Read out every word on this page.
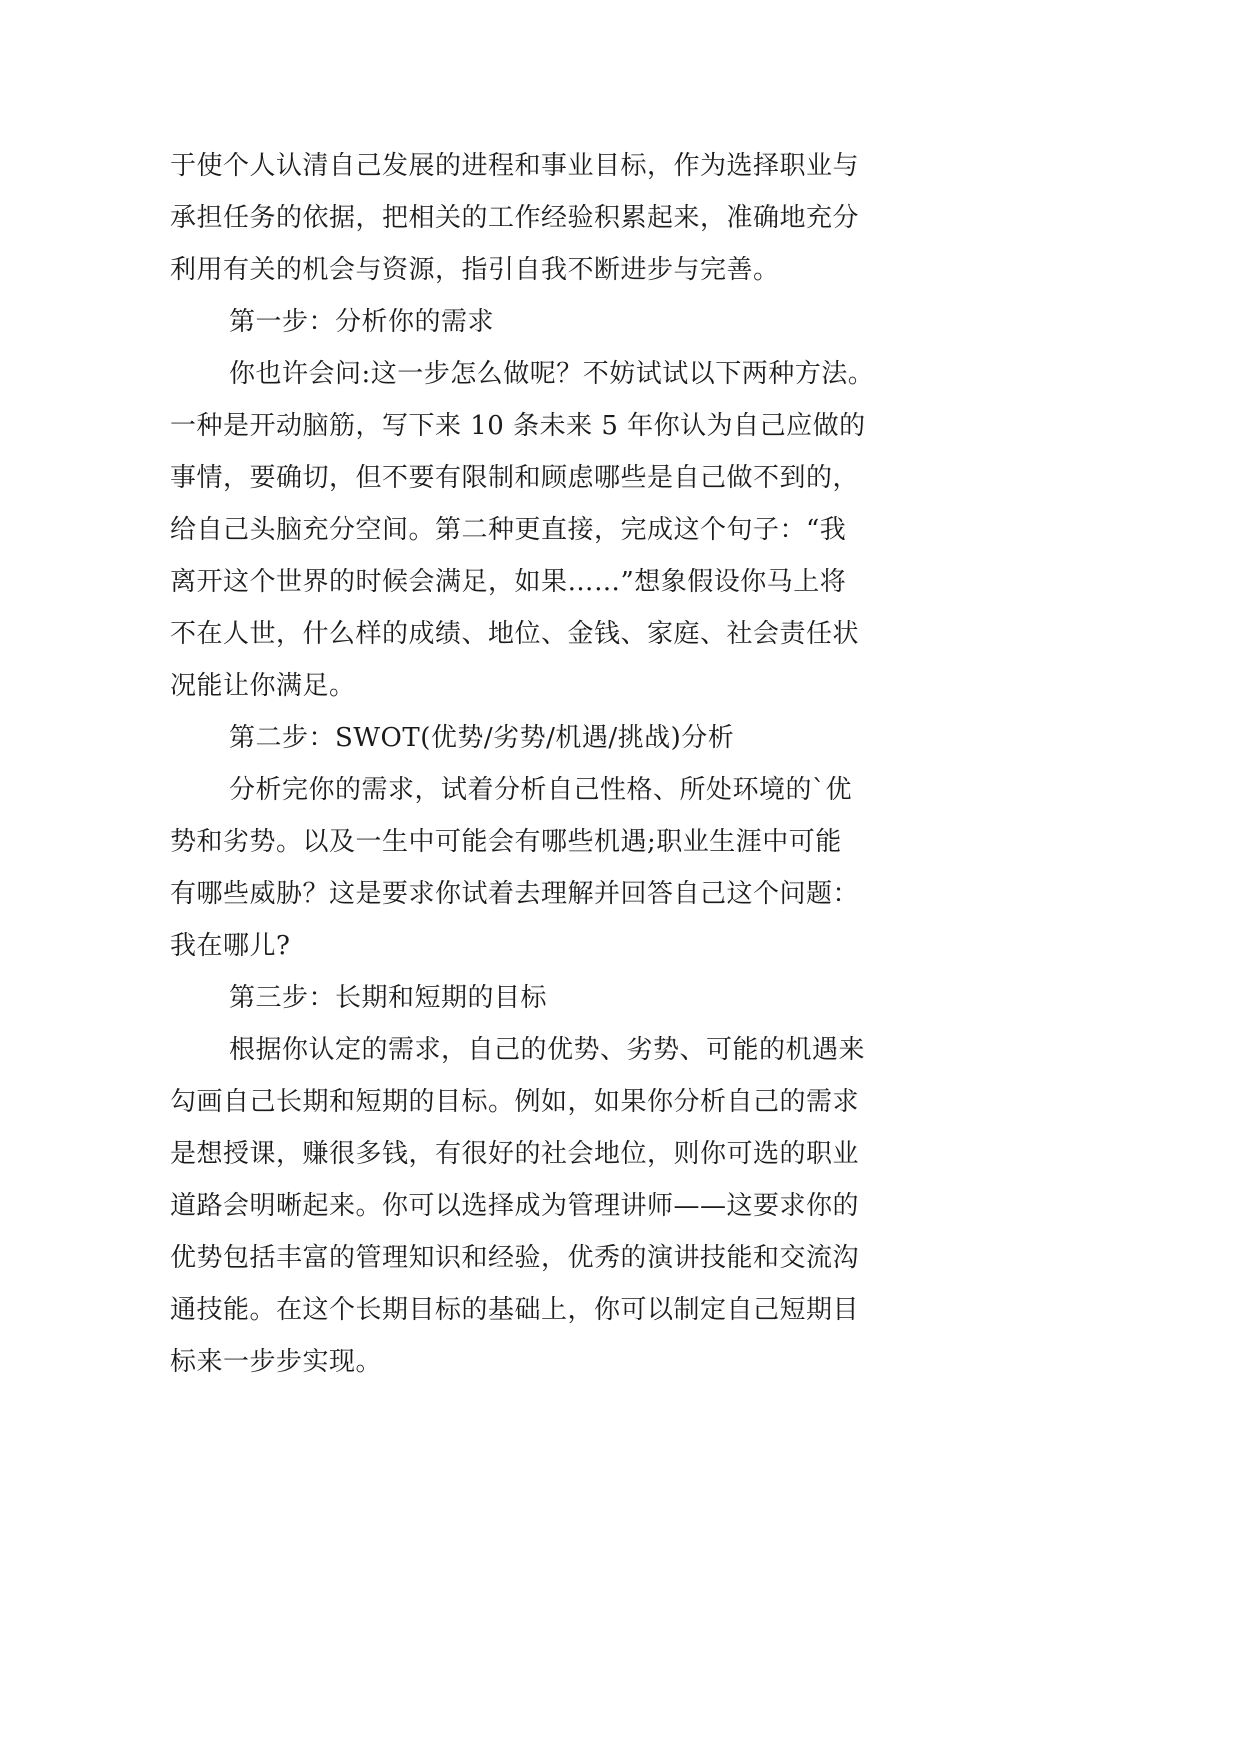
于使个人认清自己发展的进程和事业目标，作为选择职业与

承担任务的依据，把相关的工作经验积累起来，准确地充分

利用有关的机会与资源，指引自我不断进步与完善。

第一步：分析你的需求

你也许会问:这一步怎么做呢？不妨试试以下两种方法。

一种是开动脑筋，写下来 10 条未来 5 年你认为自己应做的

事情，要确切，但不要有限制和顾虑哪些是自己做不到的，

给自己头脑充分空间。第二种更直接，完成这个句子：“我

离开这个世界的时候会满足，如果……”想象假设你马上将

不在人世，什么样的成绩、地位、金钱、家庭、社会责任状

况能让你满足。

第二步：SWOT(优势/劣势/机遇/挑战)分析

分析完你的需求，试着分析自己性格、所处环境的`优

势和劣势。以及一生中可能会有哪些机遇;职业生涯中可能

有哪些威胁？这是要求你试着去理解并回答自己这个问题：

我在哪儿?

第三步：长期和短期的目标

根据你认定的需求，自己的优势、劣势、可能的机遇来

勾画自己长期和短期的目标。例如，如果你分析自己的需求

是想授课，赚很多钱，有很好的社会地位，则你可选的职业

道路会明晰起来。你可以选择成为管理讲师——这要求你的

优势包括丰富的管理知识和经验，优秀的演讲技能和交流沟

通技能。在这个长期目标的基础上，你可以制定自己短期目

标来一步步实现。
